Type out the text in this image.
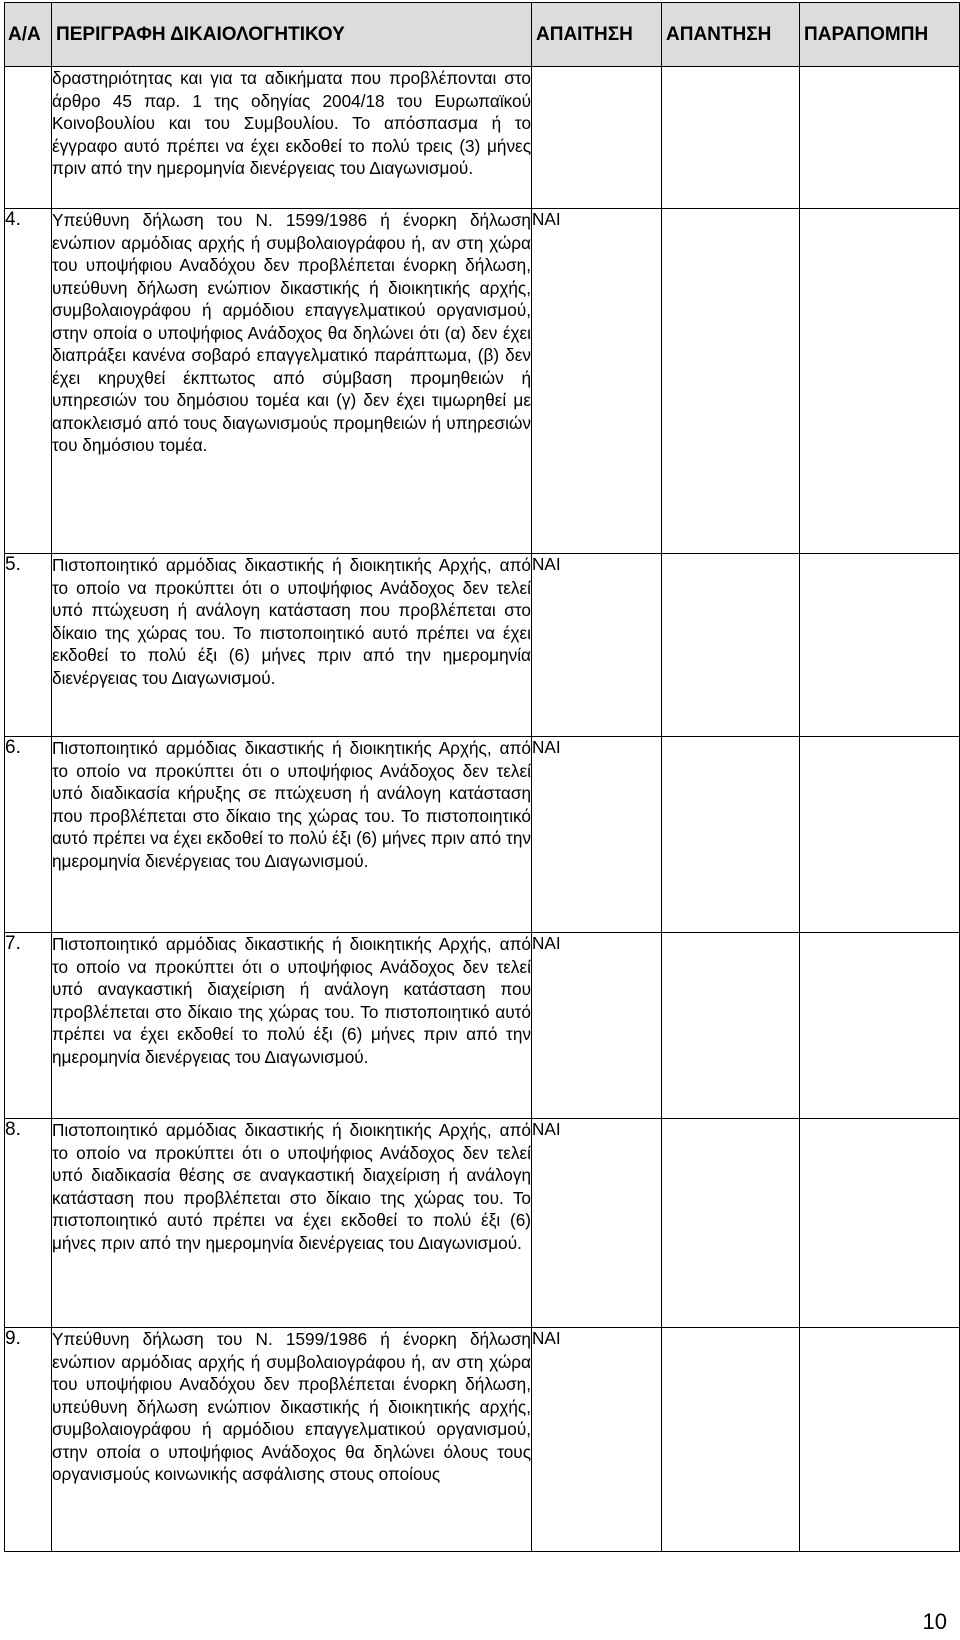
Α/Α	ΠΕΡΙΓΡΑΦΗ ΔΙΚΑΙΟΛΟΓΗΤΙΚΟΥ	ΑΠΑΙΤΗΣΗ	ΑΠΑΝΤΗΣΗ	ΠΑΡΑΠΟΜΠΗ
	δραστηριότητας και για τα αδικήματα που προβλέπονται στο άρθρο 45 παρ. 1 της οδηγίας 2004/18 του Ευρωπαϊκού Κοινοβουλίου και του Συμβουλίου. Το απόσπασμα ή το έγγραφο αυτό πρέπει να έχει εκδοθεί το πολύ τρεις (3) μήνες πριν από την ημερομηνία διενέργειας του Διαγωνισμού.			
4.	Υπεύθυνη δήλωση του Ν. 1599/1986 ή ένορκη δήλωση ενώπιον αρμόδιας αρχής ή συμβολαιογράφου ή, αν στη χώρα του υποψήφιου Αναδόχου δεν προβλέπεται ένορκη δήλωση, υπεύθυνη δήλωση ενώπιον δικαστικής ή διοικητικής αρχής, συμβολαιογράφου ή αρμόδιου επαγγελματικού οργανισμού, στην οποία ο υποψήφιος Ανάδοχος θα δηλώνει ότι (α) δεν έχει διαπράξει κανένα σοβαρό επαγγελματικό παράπτωμα, (β) δεν έχει κηρυχθεί έκπτωτος από σύμβαση προμηθειών ή υπηρεσιών του δημόσιου τομέα και (γ) δεν έχει τιμωρηθεί με αποκλεισμό από τους διαγωνισμούς προμηθειών ή υπηρεσιών του δημόσιου τομέα.	ΝΑΙ		
5.	Πιστοποιητικό αρμόδιας δικαστικής ή διοικητικής Αρχής, από το οποίο να προκύπτει ότι ο υποψήφιος Ανάδοχος δεν τελεί υπό πτώχευση ή ανάλογη κατάσταση που προβλέπεται στο δίκαιο της χώρας του. Το πιστοποιητικό αυτό πρέπει να έχει εκδοθεί το πολύ έξι (6) μήνες πριν από την ημερομηνία διενέργειας του Διαγωνισμού.	ΝΑΙ		
6.	Πιστοποιητικό αρμόδιας δικαστικής ή διοικητικής Αρχής, από το οποίο να προκύπτει ότι ο υποψήφιος Ανάδοχος δεν τελεί υπό διαδικασία κήρυξης σε πτώχευση ή ανάλογη κατάσταση που προβλέπεται στο δίκαιο της χώρας του. Το πιστοποιητικό αυτό πρέπει να έχει εκδοθεί το πολύ έξι (6) μήνες πριν από την ημερομηνία διενέργειας του Διαγωνισμού.	ΝΑΙ		
7.	Πιστοποιητικό αρμόδιας δικαστικής ή διοικητικής Αρχής, από το οποίο να προκύπτει ότι ο υποψήφιος Ανάδοχος δεν τελεί υπό αναγκαστική διαχείριση ή ανάλογη κατάσταση που προβλέπεται στο δίκαιο της χώρας του. Το πιστοποιητικό αυτό πρέπει να έχει εκδοθεί το πολύ έξι (6) μήνες πριν από την ημερομηνία διενέργειας του Διαγωνισμού.	ΝΑΙ		
8.	Πιστοποιητικό αρμόδιας δικαστικής ή διοικητικής Αρχής, από το οποίο να προκύπτει ότι ο υποψήφιος Ανάδοχος δεν τελεί υπό διαδικασία θέσης σε αναγκαστική διαχείριση ή ανάλογη κατάσταση που προβλέπεται στο δίκαιο της χώρας του. Το πιστοποιητικό αυτό πρέπει να έχει εκδοθεί το πολύ έξι (6) μήνες πριν από την ημερομηνία διενέργειας του Διαγωνισμού.	ΝΑΙ		
9.	Υπεύθυνη δήλωση του Ν. 1599/1986 ή ένορκη δήλωση ενώπιον αρμόδιας αρχής ή συμβολαιογράφου ή, αν στη χώρα του υποψήφιου Αναδόχου δεν προβλέπεται ένορκη δήλωση, υπεύθυνη δήλωση ενώπιον δικαστικής ή διοικητικής αρχής, συμβολαιογράφου ή αρμόδιου επαγγελματικού οργανισμού, στην οποία ο υποψήφιος Ανάδοχος θα δηλώνει όλους τους οργανισμούς κοινωνικής ασφάλισης στους οποίους	ΝΑΙ		
10
